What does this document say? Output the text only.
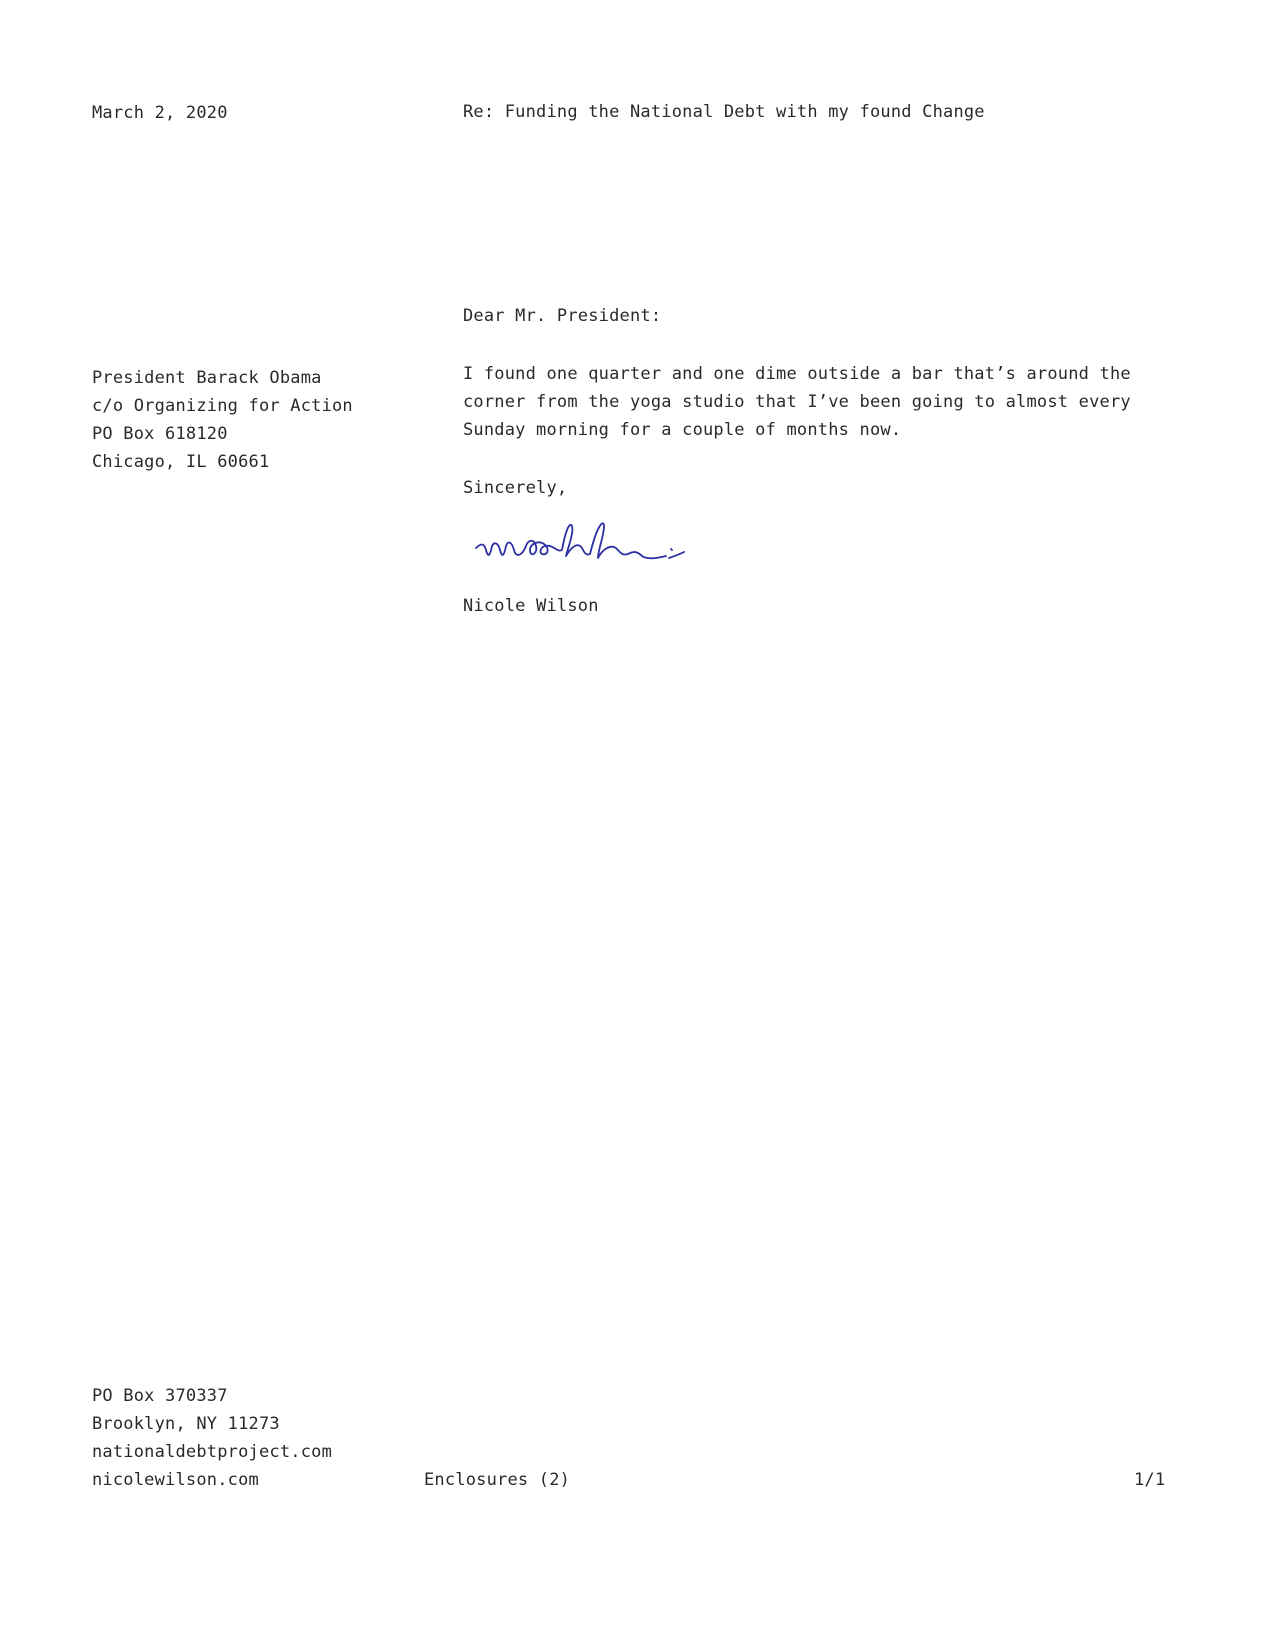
March 2, 2020	Re: Funding the National Debt with my found Change
Dear Mr. President:
President Barack Obama
c/o Organizing for Action
PO Box 618120
Chicago, IL 60661
I found one quarter and one dime outside a bar that’s around the
corner from the yoga studio that I’ve been going to almost every
Sunday morning for a couple of months now.
Sincerely,
Nicole Wilson
PO Box 370337
Brooklyn, NY 11273
nationaldebtproject.com
nicolewilson.com	Enclosures (2)	1/1
